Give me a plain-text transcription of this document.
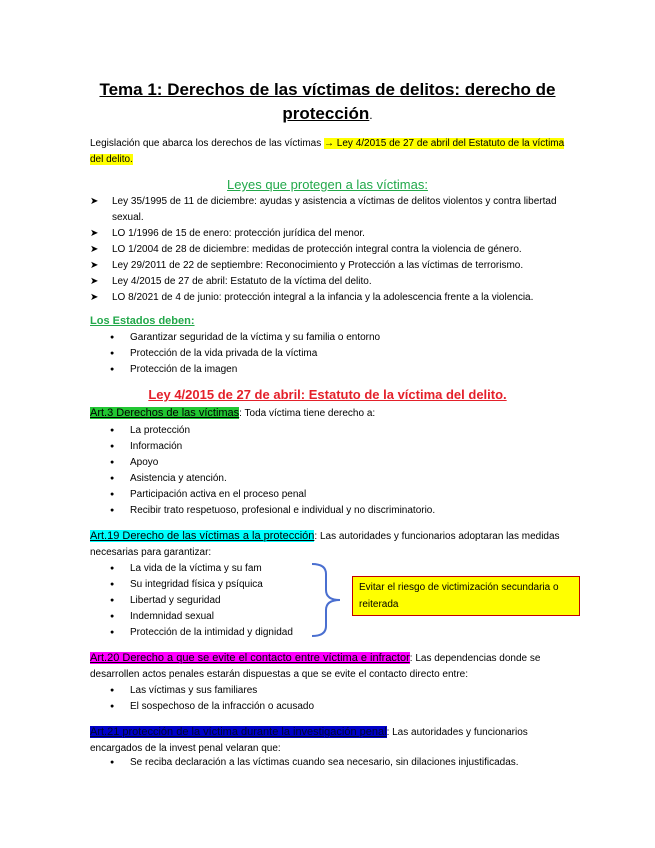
Tema 1: Derechos de las víctimas de delitos: derecho de
protección.
Legislación que abarca los derechos de las víctimas → Ley 4/2015 de 27 de abril del Estatuto de la víctima del delito.
Leyes que protegen a las víctimas:
➤ Ley 35/1995 de 11 de diciembre: ayudas y asistencia a víctimas de delitos violentos y contra libertad sexual.
➤ LO 1/1996 de 15 de enero: protección jurídica del menor.
➤ LO 1/2004 de 28 de diciembre: medidas de protección integral contra la violencia de género.
➤ Ley 29/2011 de 22 de septiembre: Reconocimiento y Protección a las víctimas de terrorismo.
➤ Ley 4/2015 de 27 de abril: Estatuto de la víctima del delito.
➤ LO 8/2021 de 4 de junio: protección integral a la infancia y la adolescencia frente a la violencia.
Los Estados deben:
● Garantizar seguridad de la víctima y su familia o entorno
● Protección de la vida privada de la víctima
● Protección de la imagen
Ley 4/2015 de 27 de abril: Estatuto de la víctima del delito.
Art.3 Derechos de las víctimas: Toda víctima tiene derecho a:
● La protección
● Información
● Apoyo
● Asistencia y atención.
● Participación activa en el proceso penal
● Recibir trato respetuoso, profesional e individual y no discriminatorio.
Art.19 Derecho de las víctimas a la protección: Las autoridades y funcionarios adoptaran las medidas necesarias para garantizar:
● La vida de la víctima y su fam
● Su integridad física y psíquica
● Libertad y seguridad
● Indemnidad sexual
● Protección de la intimidad y dignidad
Evitar el riesgo de victimización secundaria o reiterada
Art.20 Derecho a que se evite el contacto entre víctima e infractor: Las dependencias donde se desarrollen actos penales estarán dispuestas a que se evite el contacto directo entre:
● Las víctimas y sus familiares
● El sospechoso de la infracción o acusado
Art.21 protección de la víctima durante la investigación penal: Las autoridades y funcionarios encargados de la invest penal velaran que:
● Se reciba declaración a las víctimas cuando sea necesario, sin dilaciones injustificadas.
